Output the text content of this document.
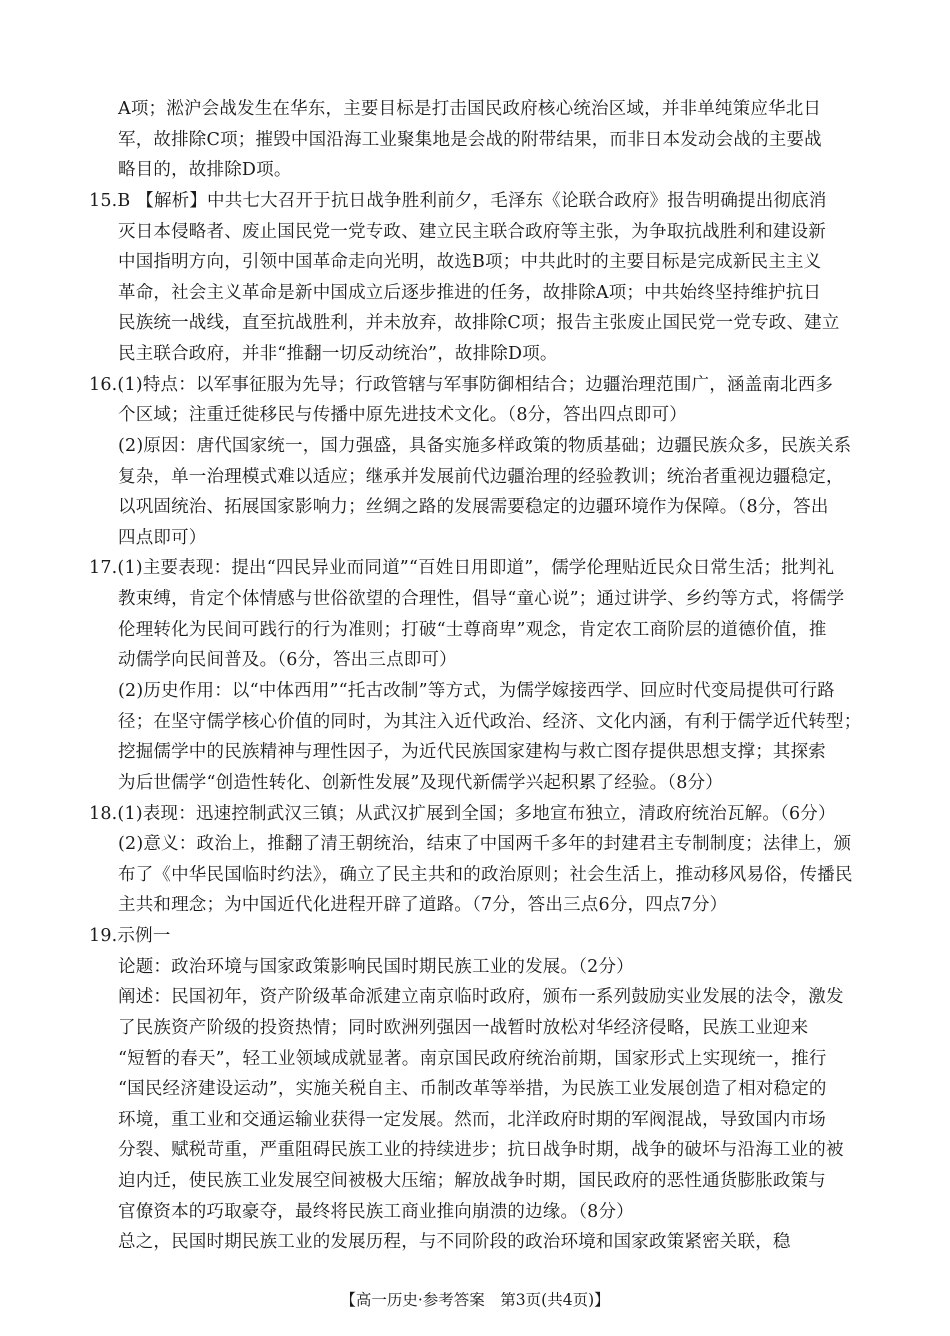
A项；淞沪会战发生在华东，主要目标是打击国民政府核心统治区域，并非单纯策应华北日
军，故排除C项；摧毁中国沿海工业聚集地是会战的附带结果，而非日本发动会战的主要战
略目的，故排除D项。
15.B 【解析】中共七大召开于抗日战争胜利前夕，毛泽东《论联合政府》报告明确提出彻底消
灭日本侵略者、废止国民党一党专政、建立民主联合政府等主张，为争取抗战胜利和建设新
中国指明方向，引领中国革命走向光明，故选B项；中共此时的主要目标是完成新民主主义
革命，社会主义革命是新中国成立后逐步推进的任务，故排除A项；中共始终坚持维护抗日
民族统一战线，直至抗战胜利，并未放弃，故排除C项；报告主张废止国民党一党专政、建立
民主联合政府，并非“推翻一切反动统治”，故排除D项。
16.(1)特点：以军事征服为先导；行政管辖与军事防御相结合；边疆治理范围广，涵盖南北西多
个区域；注重迁徙移民与传播中原先进技术文化。（8分，答出四点即可）
(2)原因：唐代国家统一，国力强盛，具备实施多样政策的物质基础；边疆民族众多，民族关系
复杂，单一治理模式难以适应；继承并发展前代边疆治理的经验教训；统治者重视边疆稳定，
以巩固统治、拓展国家影响力；丝绸之路的发展需要稳定的边疆环境作为保障。（8分，答出
四点即可）
17.(1)主要表现：提出“四民异业而同道”“百姓日用即道”，儒学伦理贴近民众日常生活；批判礼
教束缚，肯定个体情感与世俗欲望的合理性，倡导“童心说”；通过讲学、乡约等方式，将儒学
伦理转化为民间可践行的行为准则；打破“士尊商卑”观念，肯定农工商阶层的道德价值，推
动儒学向民间普及。（6分，答出三点即可）
(2)历史作用：以“中体西用”“托古改制”等方式，为儒学嫁接西学、回应时代变局提供可行路
径；在坚守儒学核心价值的同时，为其注入近代政治、经济、文化内涵，有利于儒学近代转型；
挖掘儒学中的民族精神与理性因子，为近代民族国家建构与救亡图存提供思想支撑；其探索
为后世儒学“创造性转化、创新性发展”及现代新儒学兴起积累了经验。（8分）
18.(1)表现：迅速控制武汉三镇；从武汉扩展到全国；多地宣布独立，清政府统治瓦解。（6分）
(2)意义：政治上，推翻了清王朝统治，结束了中国两千多年的封建君主专制制度；法律上，颁
布了《中华民国临时约法》，确立了民主共和的政治原则；社会生活上，推动移风易俗，传播民
主共和理念；为中国近代化进程开辟了道路。（7分，答出三点6分，四点7分）
19.示例一
论题：政治环境与国家政策影响民国时期民族工业的发展。（2分）
阐述：民国初年，资产阶级革命派建立南京临时政府，颁布一系列鼓励实业发展的法令，激发
了民族资产阶级的投资热情；同时欧洲列强因一战暂时放松对华经济侵略，民族工业迎来
“短暂的春天”，轻工业领域成就显著。南京国民政府统治前期，国家形式上实现统一，推行
“国民经济建设运动”，实施关税自主、币制改革等举措，为民族工业发展创造了相对稳定的
环境，重工业和交通运输业获得一定发展。然而，北洋政府时期的军阀混战，导致国内市场
分裂、赋税苛重，严重阻碍民族工业的持续进步；抗日战争时期，战争的破坏与沿海工业的被
迫内迁，使民族工业发展空间被极大压缩；解放战争时期，国民政府的恶性通货膨胀政策与
官僚资本的巧取豪夺，最终将民族工商业推向崩溃的边缘。（8分）
总之，民国时期民族工业的发展历程，与不同阶段的政治环境和国家政策紧密关联，稳
【高一历史·参考答案　第3页(共4页)】
